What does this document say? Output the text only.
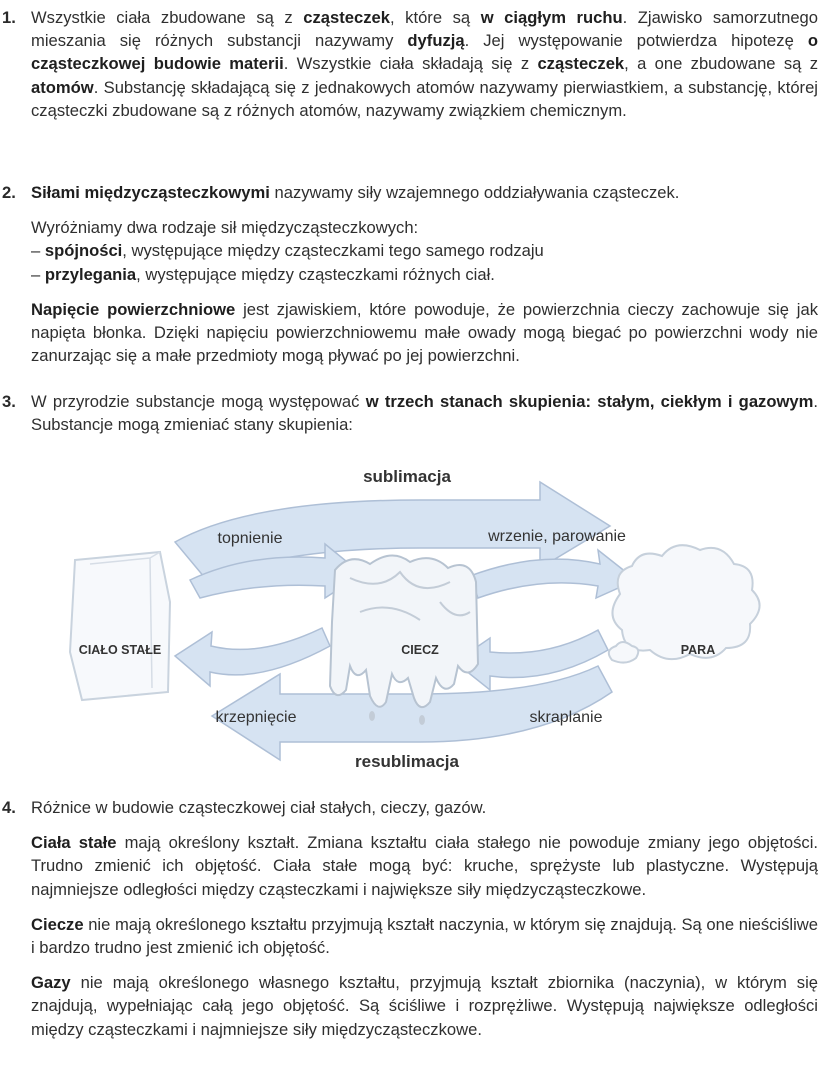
1. Wszystkie ciała zbudowane są z cząsteczek, które są w ciągłym ruchu. Zjawisko samorzutnego mieszania się różnych substancji nazywamy dyfuzją. Jej występowanie potwierdza hipotezę o cząsteczkowej budowie materii. Wszystkie ciała składają się z cząsteczek, a one zbudowane są z atomów. Substancję składającą się z jednakowych atomów nazywamy pierwiastkiem, a substancję, której cząsteczki zbudowane są z różnych atomów, nazywamy związkiem chemicznym.

2. Siłami międzycząsteczkowymi nazywamy siły wzajemnego oddziaływania cząsteczek.

Wyróżniamy dwa rodzaje sił międzycząsteczkowych:

– spójności, występujące między cząsteczkami tego samego rodzaju

– przylegania, występujące między cząsteczkami różnych ciał.

Napięcie powierzchniowe jest zjawiskiem, które powoduje, że powierzchnia cieczy zachowuje się jak napięta błonka. Dzięki napięciu powierzchniowemu małe owady mogą biegać po powierzchni wody nie zanurzając się a małe przedmioty mogą pływać po jej powierzchni.

3. W przyrodzie substancje mogą występować w trzech stanach skupienia: stałym, ciekłym i gazowym. Substancje mogą zmieniać stany skupienia:

sublimacja
topnienie	wrzenie, parowanie
CIAŁO STAŁE	CIECZ	PARA
krzepnięcie	skraplanie
resublimacja
4. Różnice w budowie cząsteczkowej ciał stałych, cieczy, gazów.

Ciała stałe mają określony kształt. Zmiana kształtu ciała stałego nie powoduje zmiany jego objętości. Trudno zmienić ich objętość. Ciała stałe mogą być: kruche, sprężyste lub plastyczne. Występują najmniejsze odległości między cząsteczkami i największe siły międzycząsteczkowe.

Ciecze nie mają określonego kształtu przyjmują kształt naczynia, w którym się znajdują. Są one nieściśliwe i bardzo trudno jest zmienić ich objętość.

Gazy nie mają określonego własnego kształtu, przyjmują kształt zbiornika (naczynia), w którym się znajdują, wypełniając całą jego objętość. Są ściśliwe i rozprężliwe. Występują największe odległości między cząsteczkami i najmniejsze siły międzycząsteczkowe.
